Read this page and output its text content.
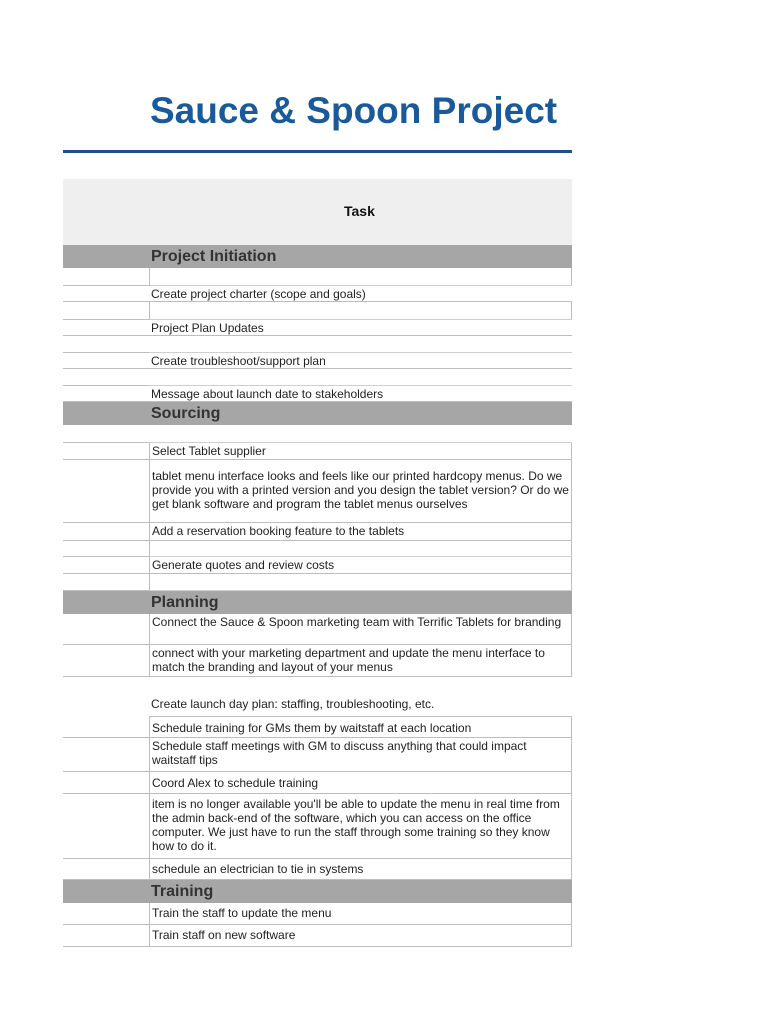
Sauce & Spoon Project
Task
Project Initiation
Create project charter (scope and goals)
Project Plan Updates
Create troubleshoot/support plan
Message about launch date to stakeholders
Sourcing
Select Tablet supplier
tablet menu interface looks and feels like our printed hardcopy menus. Do we provide you with a printed version and you design the tablet version? Or do we get blank software and program the tablet menus ourselves
Add a reservation booking feature to the tablets
Generate quotes and review costs
Planning
Connect the Sauce & Spoon marketing team with Terrific Tablets for branding
connect with your marketing department and update the menu interface to match the branding and layout of your menus
Create launch day plan: staffing, troubleshooting, etc.
Schedule training for GMs them by waitstaff at each location
Schedule staff meetings with GM to discuss anything that could impact waitstaff tips
Coord Alex to schedule training
item is no longer available you'll be able to update the menu in real time from the admin back-end of the software, which you can access on the office computer. We just have to run the staff through some training so they know how to do it.
schedule an electrician to tie in systems
Training
Train the staff to update the menu
Train staff on new software
